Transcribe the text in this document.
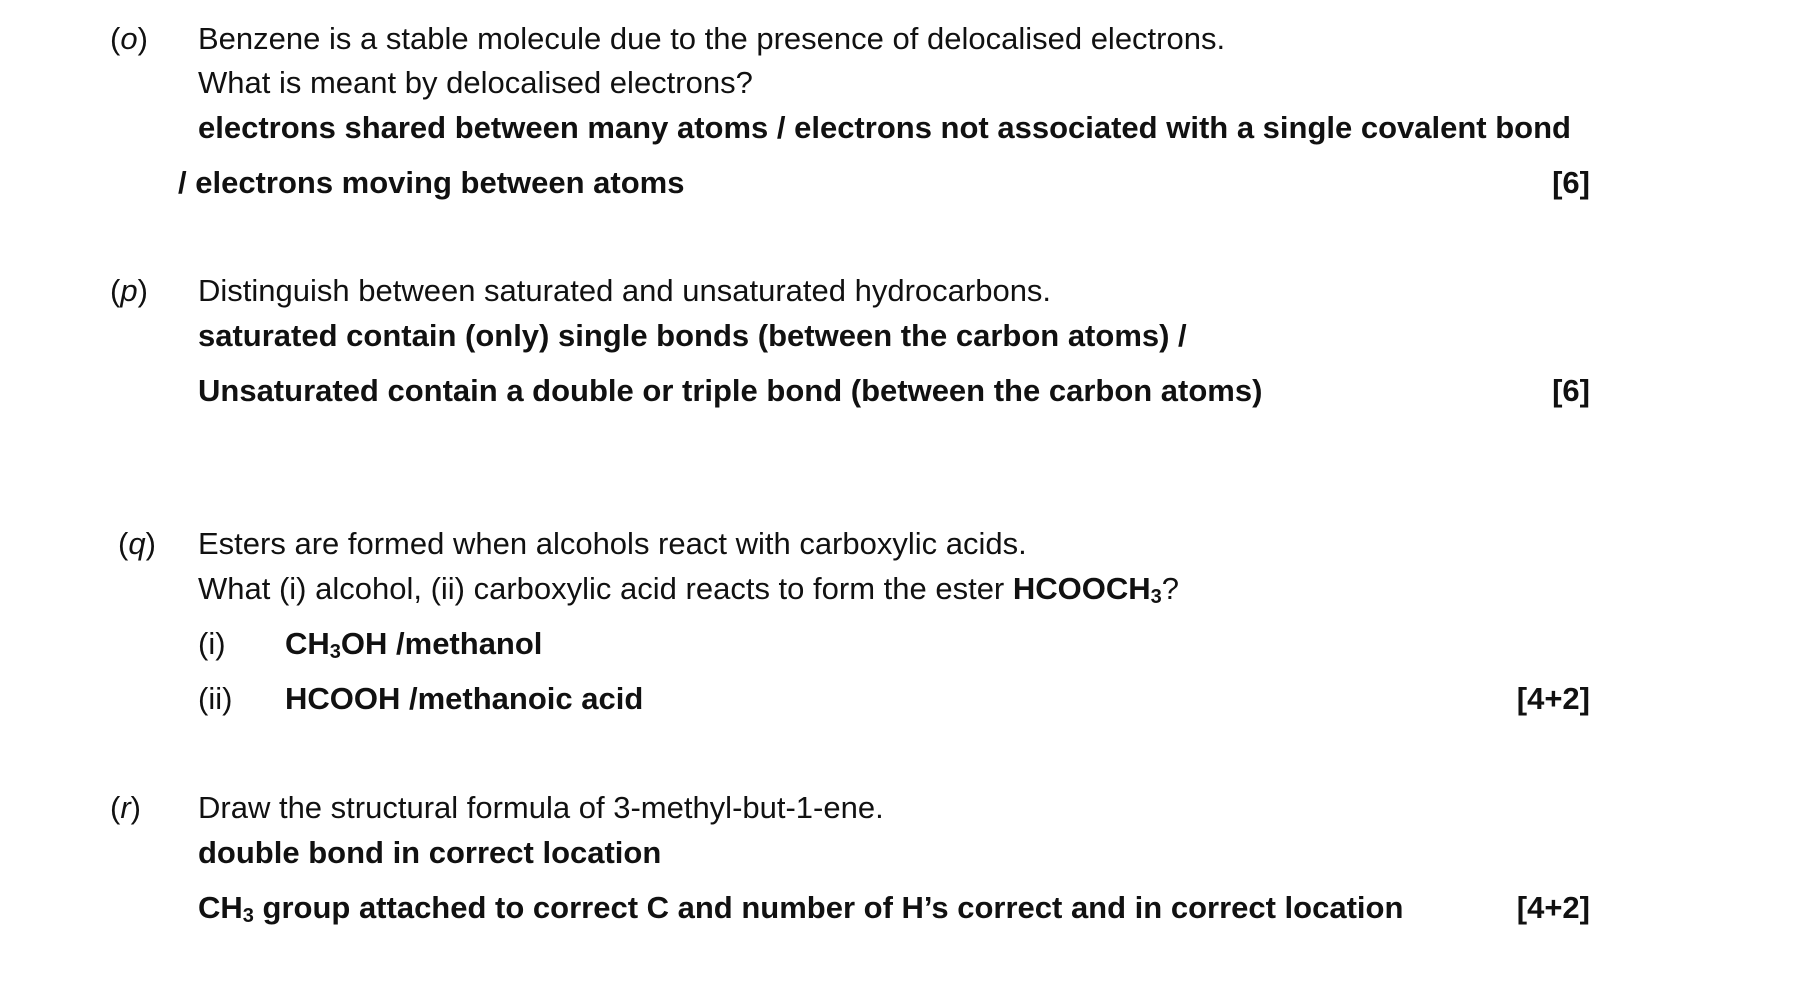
(o) Benzene is a stable molecule due to the presence of delocalised electrons.
What is meant by delocalised electrons?
electrons shared between many atoms / electrons not associated with a single covalent bond
/ electrons moving between atoms	[6]
(p) Distinguish between saturated and unsaturated hydrocarbons.
saturated contain (only) single bonds (between the carbon atoms) /
Unsaturated contain a double or triple bond (between the carbon atoms)	[6]
(q) Esters are formed when alcohols react with carboxylic acids.
What (i) alcohol, (ii) carboxylic acid reacts to form the ester $HCOOCH_3$?
(i) $CH_3OH$ /methanol
(ii) HCOOH /methanoic acid	[4+2]
(r) Draw the structural formula of 3-methyl-but-1-ene.
double bond in correct location
$CH_3$ group attached to correct C and number of H’s correct and in correct location	[4+2]
